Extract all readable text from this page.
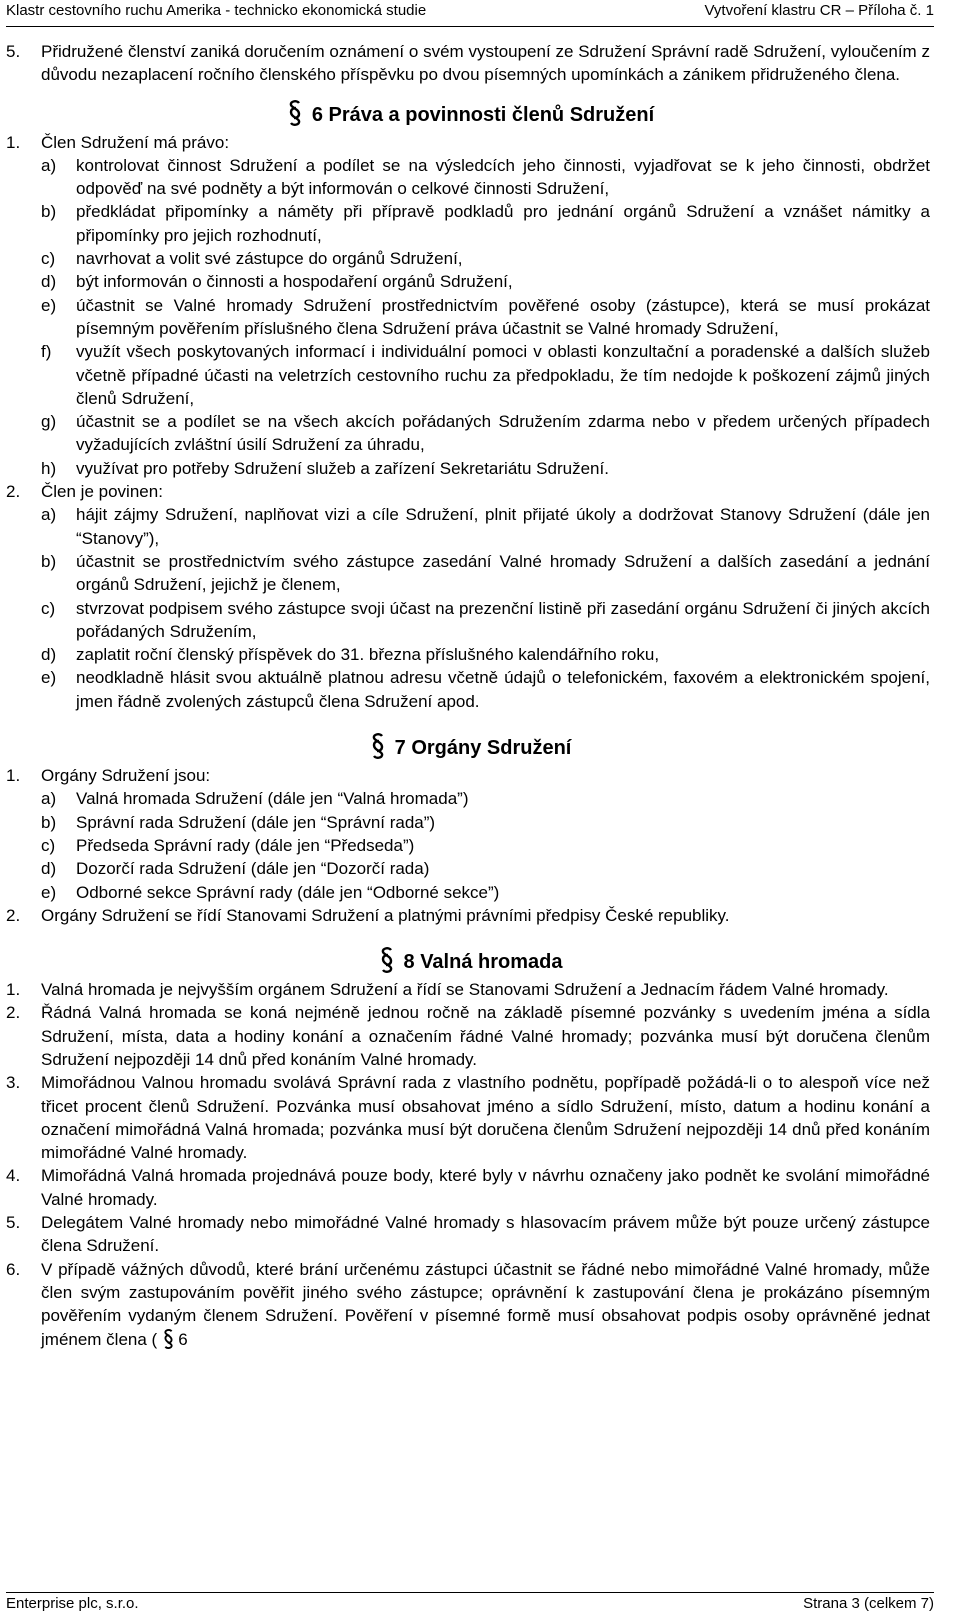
Klastr cestovního ruchu Amerika - technicko ekonomická studie	Vytvoření klastru CR – Příloha č. 1
5.	Přidružené členství zaniká doručením oznámení o svém vystoupení ze Sdružení Správní radě Sdružení, vyloučením z důvodu nezaplacení ročního členského příspěvku po dvou písemných upomínkách a zánikem přidruženého člena.
6 Práva a povinnosti členů Sdružení
1.	Člen Sdružení má právo:
a)	kontrolovat činnost Sdružení a podílet se na výsledcích jeho činnosti, vyjadřovat se k jeho činnosti, obdržet odpověď na své podněty a být informován o celkové činnosti Sdružení,
b)	předkládat připomínky a náměty při přípravě podkladů pro jednání orgánů Sdružení a vznášet námitky a připomínky pro jejich rozhodnutí,
c)	navrhovat a volit své zástupce do orgánů Sdružení,
d)	být informován o činnosti a hospodaření orgánů Sdružení,
e)	účastnit se Valné hromady Sdružení prostřednictvím pověřené osoby (zástupce), která se musí prokázat písemným pověřením příslušného člena Sdružení práva účastnit se Valné hromady Sdružení,
f)	využít všech poskytovaných informací i individuální pomoci v oblasti konzultační a poradenské a dalších služeb včetně případné účasti na veletrzích cestovního ruchu za předpokladu, že tím nedojde k poškození zájmů jiných členů Sdružení,
g)	účastnit se a podílet se na všech akcích pořádaných Sdružením zdarma nebo v předem určených případech vyžadujících zvláštní úsilí Sdružení za úhradu,
h)	využívat pro potřeby Sdružení služeb a zařízení Sekretariátu Sdružení.
2.	Člen je povinen:
a)	hájit zájmy Sdružení, naplňovat vizi a cíle Sdružení, plnit přijaté úkoly a dodržovat Stanovy Sdružení (dále jen “Stanovy”),
b)	účastnit se prostřednictvím svého zástupce zasedání Valné hromady Sdružení a dalších zasedání a jednání orgánů Sdružení, jejichž je členem,
c)	stvrzovat podpisem svého zástupce svoji účast na prezenční listině při zasedání orgánu Sdružení či jiných akcích pořádaných Sdružením,
d)	zaplatit roční členský příspěvek do 31. března příslušného kalendářního roku,
e)	neodkladně hlásit svou aktuálně platnou adresu včetně údajů o telefonickém, faxovém a elektronickém spojení, jmen řádně zvolených zástupců člena Sdružení apod.
7 Orgány Sdružení
1.	Orgány Sdružení jsou:
a)	Valná hromada Sdružení (dále jen “Valná hromada”)
b)	Správní rada Sdružení (dále jen “Správní rada”)
c)	Předseda Správní rady (dále jen “Předseda”)
d)	Dozorčí rada Sdružení (dále jen “Dozorčí rada)
e)	Odborné sekce Správní rady (dále jen “Odborné sekce”)
2.	Orgány Sdružení se řídí Stanovami Sdružení a platnými právními předpisy České republiky.
8 Valná hromada
1.	Valná hromada je nejvyšším orgánem Sdružení a řídí se Stanovami Sdružení a Jednacím řádem Valné hromady.
2.	Řádná Valná hromada se koná nejméně jednou ročně na základě písemné pozvánky s uvedením jména a sídla Sdružení, místa, data a hodiny konání a označením řádné Valné hromady; pozvánka musí být doručena členům Sdružení nejpozději 14 dnů před konáním Valné hromady.
3.	Mimořádnou Valnou hromadu svolává Správní rada z vlastního podnětu, popřípadě požádá-li o to alespoň více než třicet procent členů Sdružení. Pozvánka musí obsahovat jméno a sídlo Sdružení, místo, datum a hodinu konání a označení mimořádná Valná hromada; pozvánka musí být doručena členům Sdružení nejpozději 14 dnů před konáním mimořádné Valné hromady.
4.	Mimořádná Valná hromada projednává pouze body, které byly v návrhu označeny jako podnět ke svolání mimořádné Valné hromady.
5.	Delegátem Valné hromady nebo mimořádné Valné hromady s hlasovacím právem může být pouze určený zástupce člena Sdružení.
6.	V případě vážných důvodů, které brání určenému zástupci účastnit se řádné nebo mimořádné Valné hromady, může člen svým zastupováním pověřit jiného svého zástupce; oprávnění k zastupování člena je prokázáno písemným pověřením vydaným členem Sdružení. Pověření v písemné formě musí obsahovat podpis osoby oprávněné jednat jménem člena ( 6
Enterprise plc, s.r.o.	Strana 3 (celkem 7)
